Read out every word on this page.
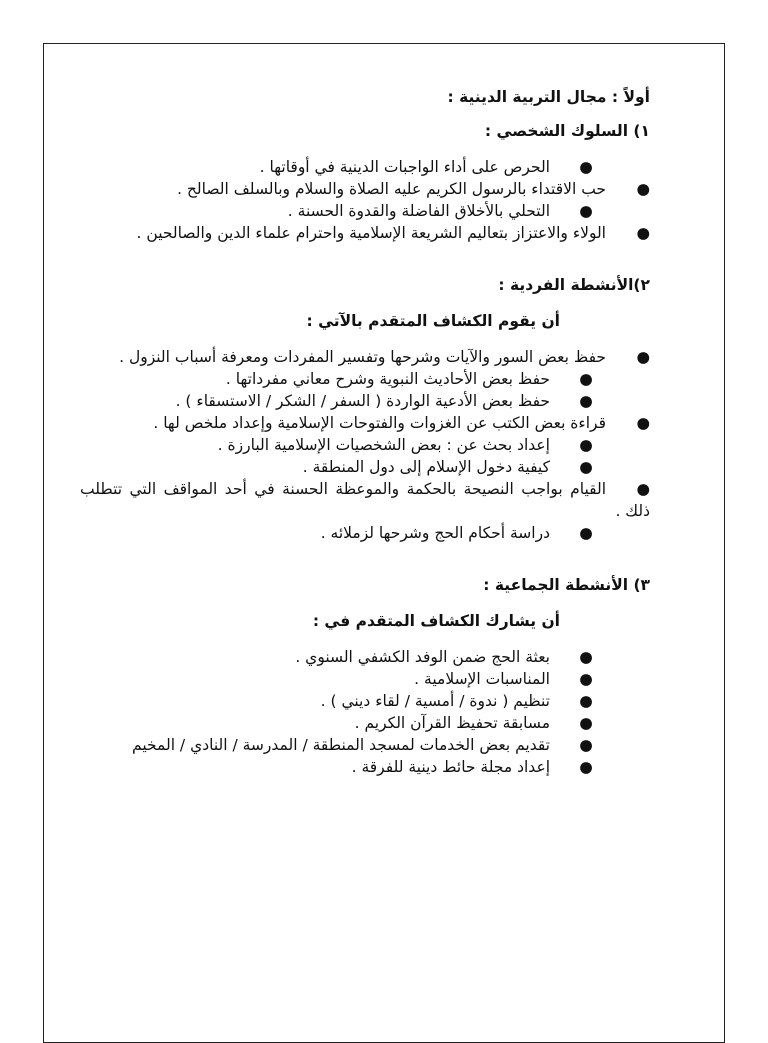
أولاً : مجال التربية الدينية :
١) السلوك الشخصي :
●الحرص على أداء الواجبات الدينية في أوقاتها .
●حب الاقتداء بالرسول الكريم عليه الصلاة والسلام وبالسلف الصالح .
●التحلي بالأخلاق الفاضلة والقدوة الحسنة .
●الولاء والاعتزاز بتعاليم الشريعة الإسلامية واحترام علماء الدين والصالحين .
٢)الأنشطة الفردية :

أن يقوم الكشاف المتقدم بالآتي :

●حفظ بعض السور والآيات وشرحها وتفسير المفردات ومعرفة أسباب النزول .
●حفظ بعض الأحاديث النبوية وشرح معاني مفرداتها .
●حفظ بعض الأدعية الواردة ( السفر / الشكر / الاستسقاء ) .
●قراءة بعض الكتب عن الغزوات والفتوحات الإسلامية وإعداد ملخص لها .
●إعداد بحث عن : بعض الشخصيات الإسلامية البارزة .
●كيفية دخول الإسلام إلى دول المنطقة .
●القيام بواجب النصيحة بالحكمة والموعظة الحسنة في أحد المواقف التي تتطلب ذلك .
●دراسة أحكام الحج وشرحها لزملائه .
٣) الأنشطة الجماعية :

أن يشارك الكشاف المتقدم في :

●بعثة الحج ضمن الوفد الكشفي السنوي .
●المناسبات الإسلامية .
●تنظيم ( ندوة / أمسية / لقاء ديني ) .
●مسابقة تحفيظ القرآن الكريم .
●تقديم بعض الخدمات لمسجد المنطقة / المدرسة / النادي / المخيم
●إعداد مجلة حائط دينية للفرقة .
